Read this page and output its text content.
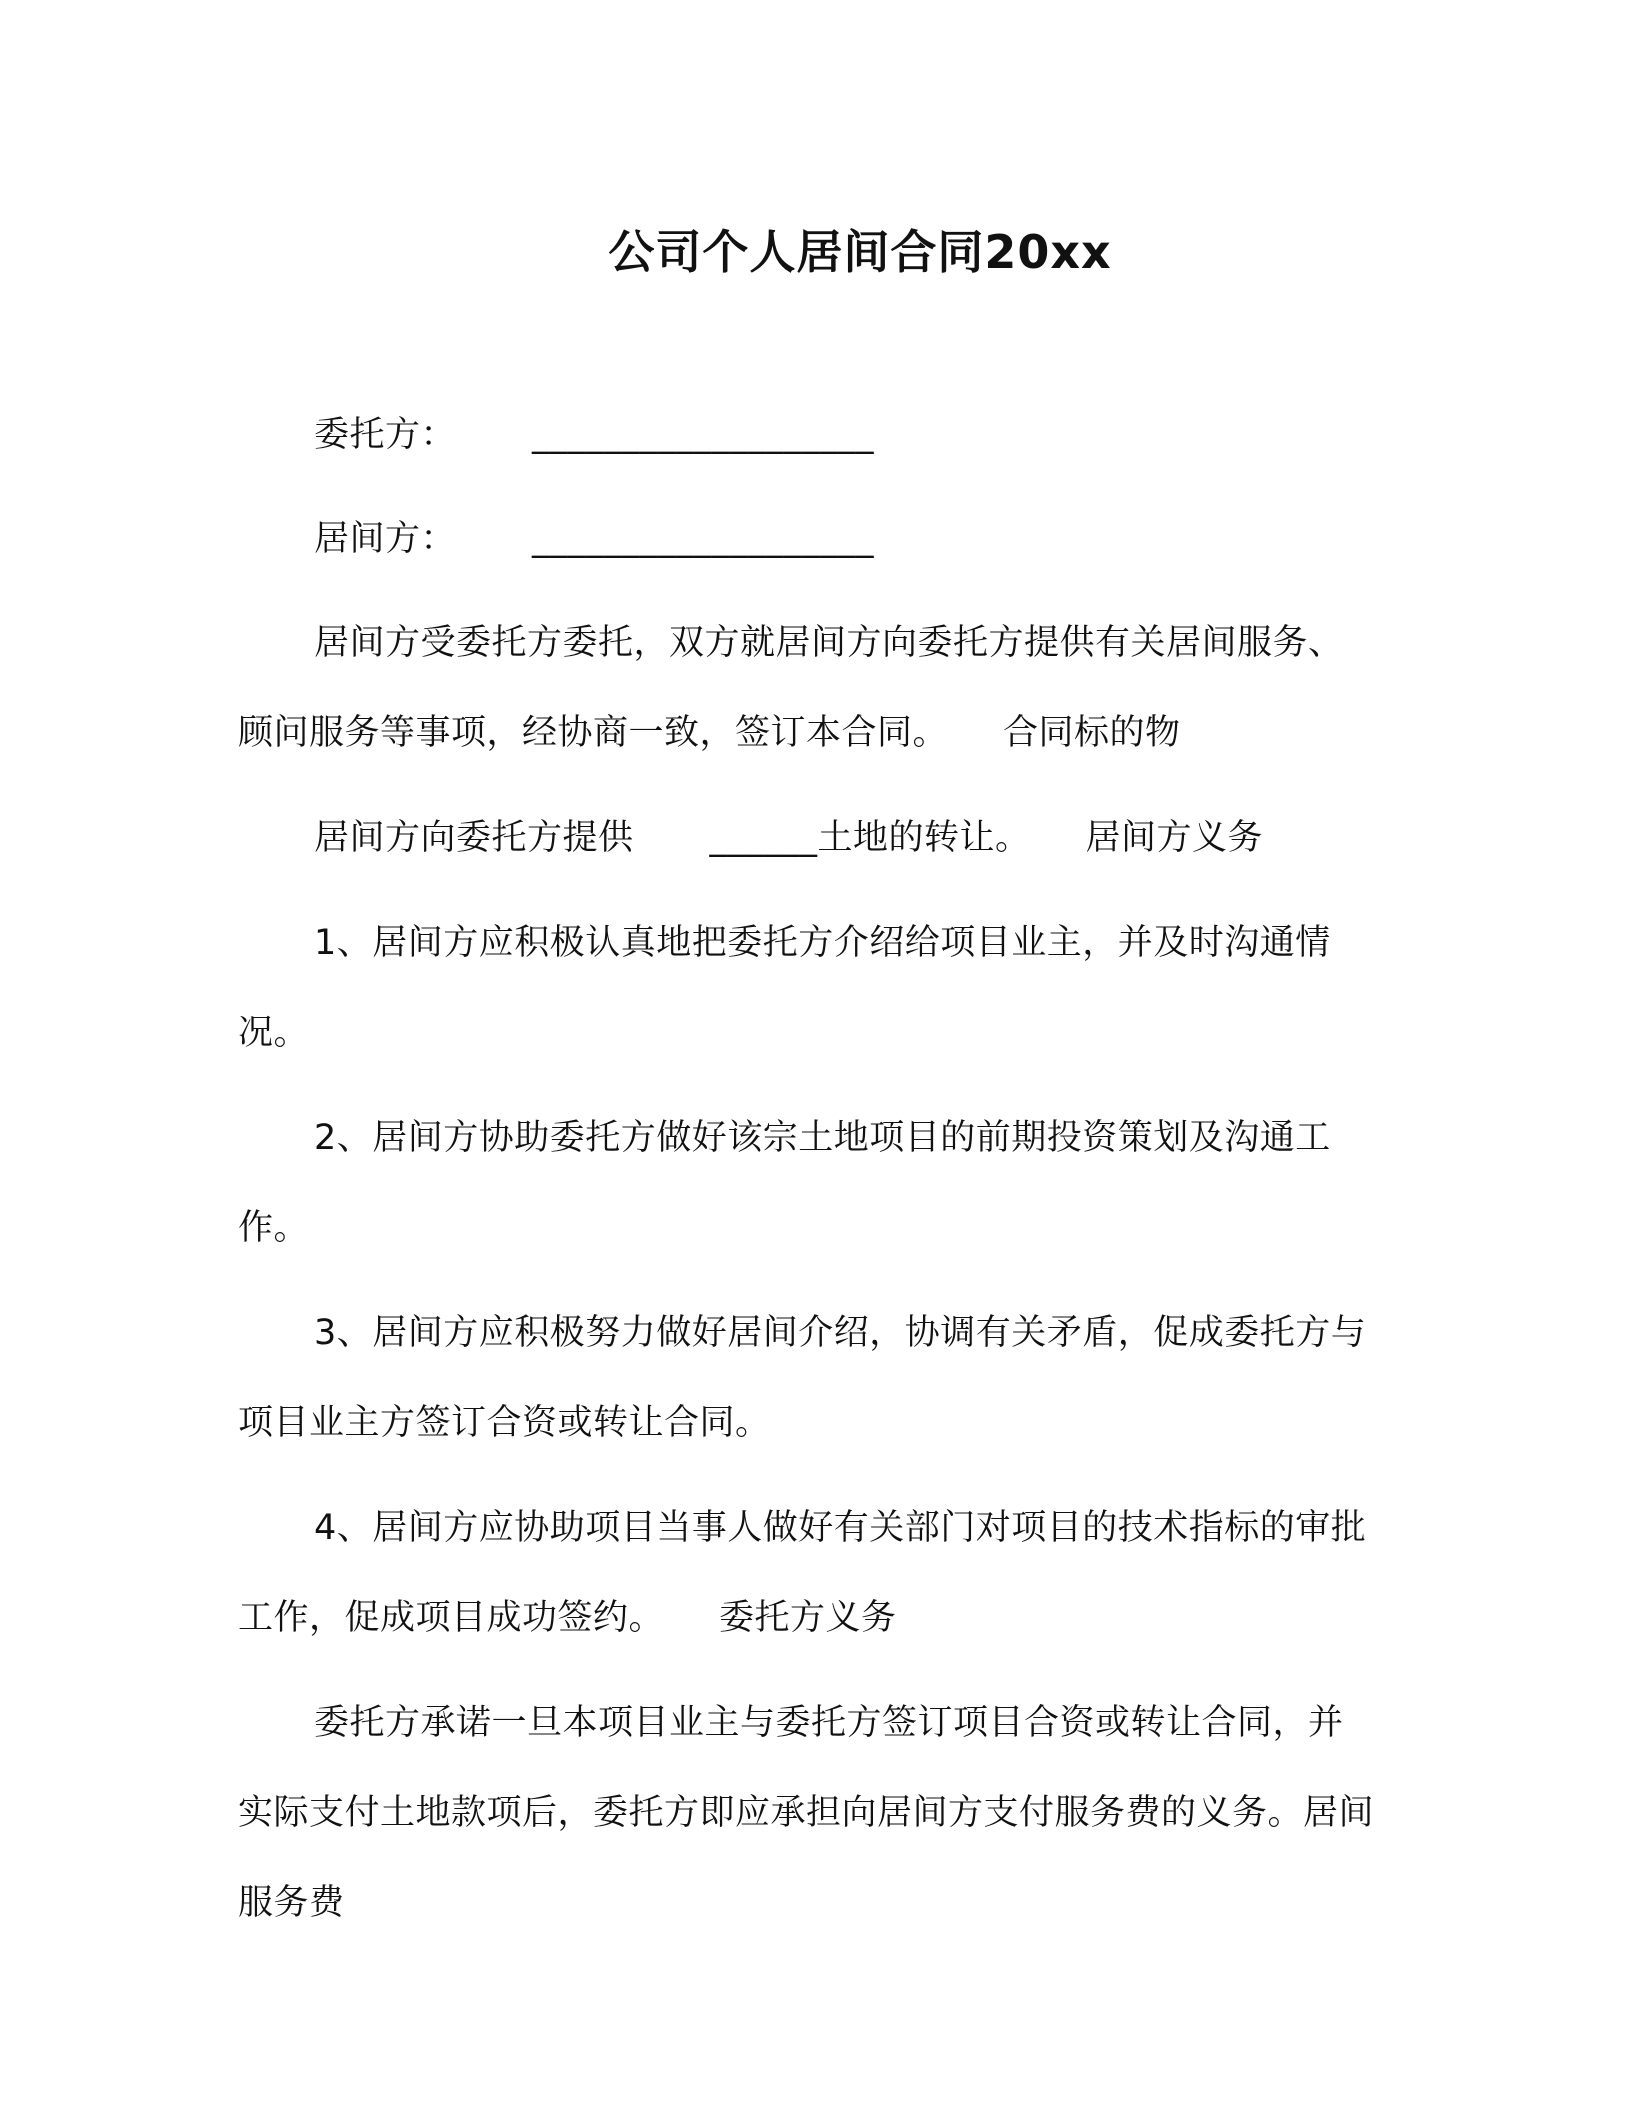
公司个人居间合同20xx

委托方： ___________________

居间方： ___________________

居间方受委托方委托，双方就居间方向委托方提供有关居间服务、顾问服务等事项，经协商一致，签订本合同。 合同标的物

居间方向委托方提供 ______土地的转让。 居间方义务

1、居间方应积极认真地把委托方介绍给项目业主，并及时沟通情况。

2、居间方协助委托方做好该宗土地项目的前期投资策划及沟通工作。

3、居间方应积极努力做好居间介绍，协调有关矛盾，促成委托方与项目业主方签订合资或转让合同。

4、居间方应协助项目当事人做好有关部门对项目的技术指标的审批工作，促成项目成功签约。 委托方义务

委托方承诺一旦本项目业主与委托方签订项目合资或转让合同，并实际支付土地款项后，委托方即应承担向居间方支付服务费的义务。居间服务费
